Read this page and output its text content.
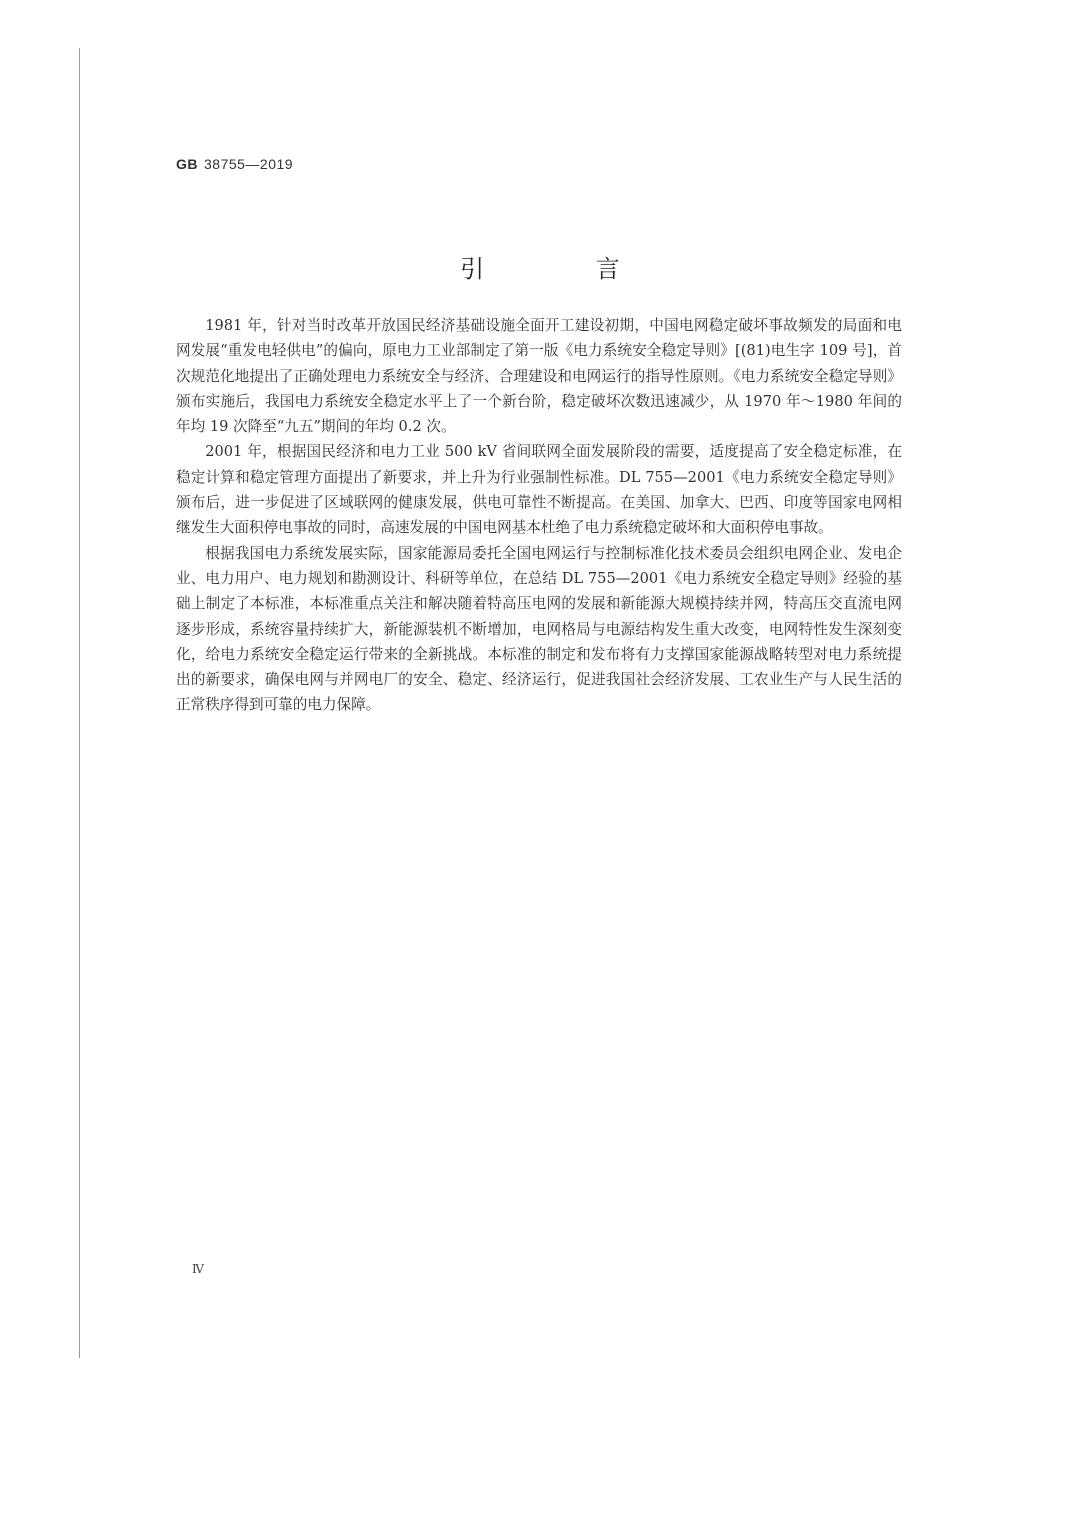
GB 38755—2019
引 言

1981 年，针对当时改革开放国民经济基础设施全面开工建设初期，中国电网稳定破坏事故频发的局面和电网发展“重发电轻供电”的偏向，原电力工业部制定了第一版《电力系统安全稳定导则》[(81)电生字 109 号]，首次规范化地提出了正确处理电力系统安全与经济、合理建设和电网运行的指导性原则。《电力系统安全稳定导则》颁布实施后，我国电力系统安全稳定水平上了一个新台阶，稳定破坏次数迅速减少，从 1970 年～1980 年间的年均 19 次降至“九五”期间的年均 0.2 次。

2001 年，根据国民经济和电力工业 500 kV 省间联网全面发展阶段的需要，适度提高了安全稳定标准，在稳定计算和稳定管理方面提出了新要求，并上升为行业强制性标准。DL 755—2001《电力系统安全稳定导则》颁布后，进一步促进了区域联网的健康发展，供电可靠性不断提高。在美国、加拿大、巴西、印度等国家电网相继发生大面积停电事故的同时，高速发展的中国电网基本杜绝了电力系统稳定破坏和大面积停电事故。

根据我国电力系统发展实际，国家能源局委托全国电网运行与控制标准化技术委员会组织电网企业、发电企业、电力用户、电力规划和勘测设计、科研等单位，在总结 DL 755—2001《电力系统安全稳定导则》经验的基础上制定了本标准，本标准重点关注和解决随着特高压电网的发展和新能源大规模持续并网，特高压交直流电网逐步形成，系统容量持续扩大，新能源装机不断增加，电网格局与电源结构发生重大改变，电网特性发生深刻变化，给电力系统安全稳定运行带来的全新挑战。本标准的制定和发布将有力支撑国家能源战略转型对电力系统提出的新要求，确保电网与并网电厂的安全、稳定、经济运行，促进我国社会经济发展、工农业生产与人民生活的正常秩序得到可靠的电力保障。

Ⅳ
